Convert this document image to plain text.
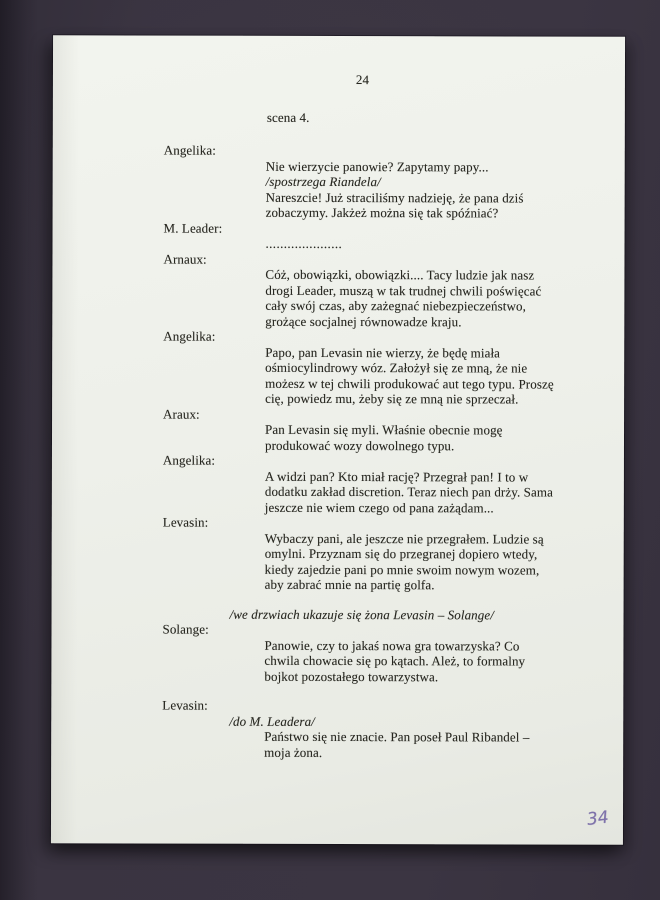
24
scena 4.
Angelika:
Nie wierzycie panowie? Zapytamy papy...
/spostrzega Riandela/
Nareszcie! Już straciliśmy nadzieję, że pana dziś
zobaczymy. Jakżeż można się tak spóźniać?
M. Leader:
.....................
Arnaux:
Cóż, obowiązki, obowiązki.... Tacy ludzie jak nasz
drogi Leader, muszą w tak trudnej chwili poświęcać
cały swój czas, aby zażegnać niebezpieczeństwo,
grożące socjalnej równowadze kraju.
Angelika:
Papo, pan Levasin nie wierzy, że będę miała
ośmiocylindrowy wóz. Założył się ze mną, że nie
możesz w tej chwili produkować aut tego typu. Proszę
cię, powiedz mu, żeby się ze mną nie sprzeczał.
Araux:
Pan Levasin się myli. Właśnie obecnie mogę
produkować wozy dowolnego typu.
Angelika:
A widzi pan? Kto miał rację? Przegrał pan! I to w
dodatku zakład discretion. Teraz niech pan drży. Sama
jeszcze nie wiem czego od pana zażądam...
Levasin:
Wybaczy pani, ale jeszcze nie przegrałem. Ludzie są
omylni. Przyznam się do przegranej dopiero wtedy,
kiedy zajedzie pani po mnie swoim nowym wozem,
aby zabrać mnie na partię golfa.
/we drzwiach ukazuje się żona Levasin – Solange/
Solange:
Panowie, czy to jakaś nowa gra towarzyska? Co
chwila chowacie się po kątach. Ależ, to formalny
bojkot pozostałego towarzystwa.
Levasin:
/do M. Leadera/
Państwo się nie znacie. Pan poseł Paul Ribandel –
moja żona.
34
